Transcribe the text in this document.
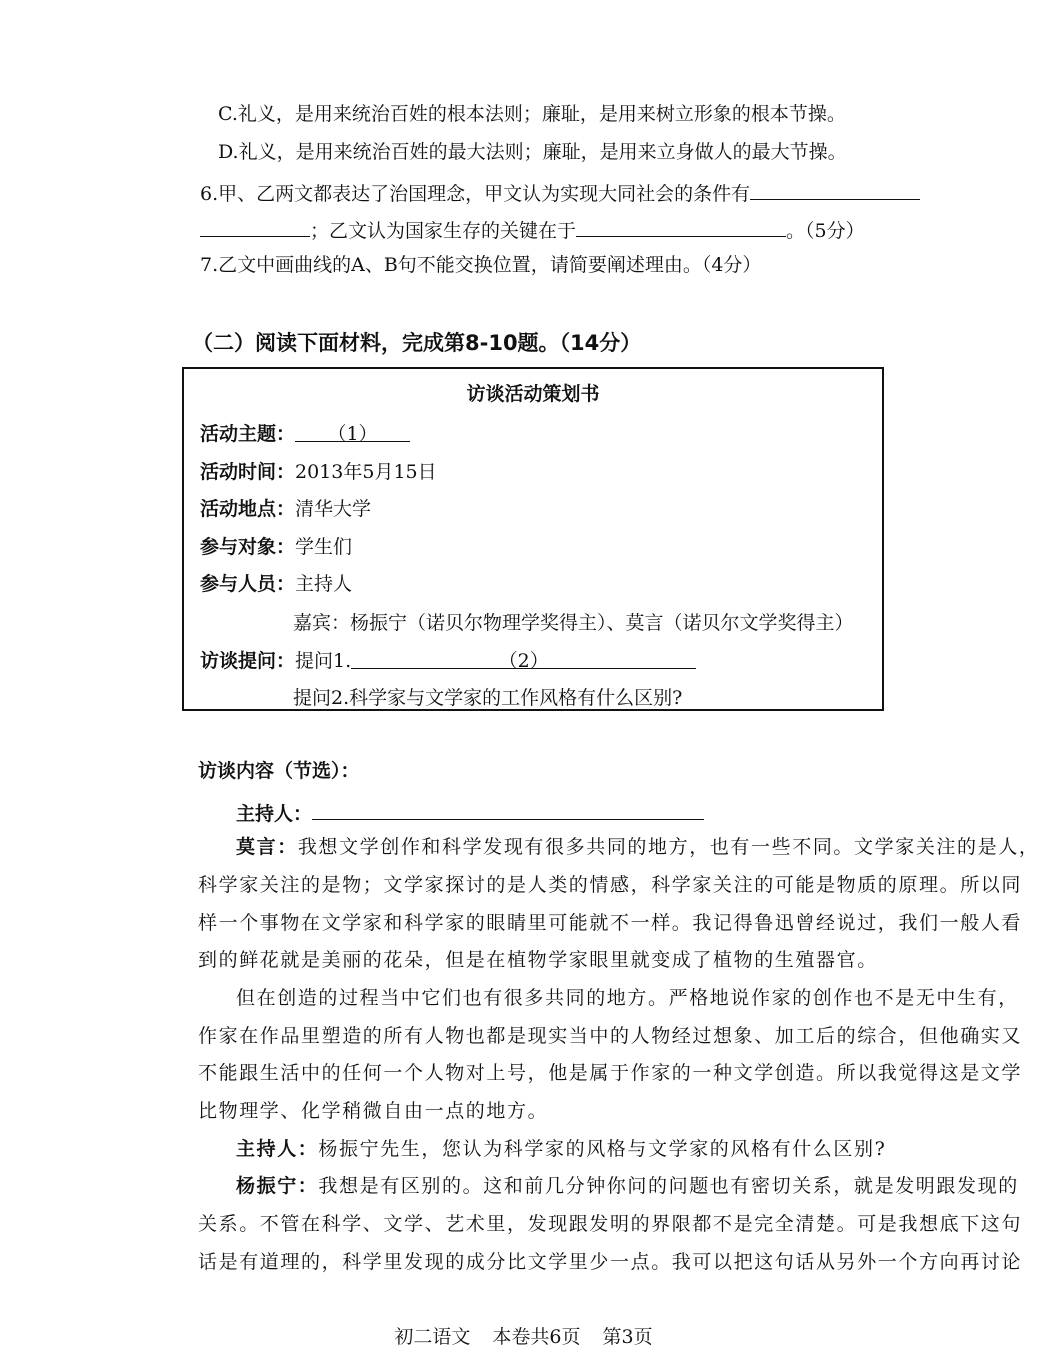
C.礼义，是用来统治百姓的根本法则；廉耻，是用来树立形象的根本节操。
D.礼义，是用来统治百姓的最大法则；廉耻，是用来立身做人的最大节操。
6.甲、乙两文都表达了治国理念，甲文认为实现大同社会的条件有
；乙文认为国家生存的关键在于	。（5分）
7.乙文中画曲线的A、B句不能交换位置，请简要阐述理由。（4分）
（二）阅读下面材料，完成第8-10题。（14分）
访谈活动策划书
活动主题： （1）
活动时间：2013年5月15日
活动地点：清华大学
参与对象：学生们
参与人员：主持人
嘉宾：杨振宁（诺贝尔物理学奖得主）、莫言（诺贝尔文学奖得主）
访谈提问：提问1.	（2）
提问2.科学家与文学家的工作风格有什么区别?
访谈内容（节选）：
主持人：
莫言：我想文学创作和科学发现有很多共同的地方，也有一些不同。文学家关注的是人，
科学家关注的是物；文学家探讨的是人类的情感，科学家关注的可能是物质的原理。所以同
样一个事物在文学家和科学家的眼睛里可能就不一样。我记得鲁迅曾经说过，我们一般人看
到的鲜花就是美丽的花朵，但是在植物学家眼里就变成了植物的生殖器官。
但在创造的过程当中它们也有很多共同的地方。严格地说作家的创作也不是无中生有，
作家在作品里塑造的所有人物也都是现实当中的人物经过想象、加工后的综合，但他确实又
不能跟生活中的任何一个人物对上号，他是属于作家的一种文学创造。所以我觉得这是文学
比物理学、化学稍微自由一点的地方。
主持人：杨振宁先生，您认为科学家的风格与文学家的风格有什么区别?
杨振宁：我想是有区别的。这和前几分钟你问的问题也有密切关系，就是发明跟发现的
关系。不管在科学、文学、艺术里，发现跟发明的界限都不是完全清楚。可是我想底下这句
话是有道理的，科学里发现的成分比文学里少一点。我可以把这句话从另外一个方向再讨论
初二语文 本卷共6页 第3页
